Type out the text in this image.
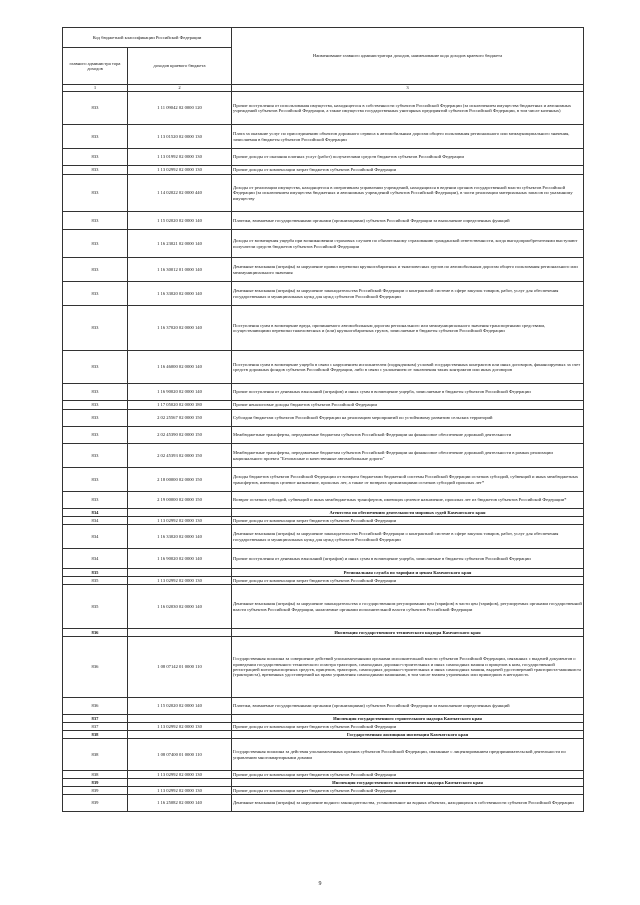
Код бюджетной классификации Российской Федерации		Наименование главного администратора доходов, наименование кода доходов краевого бюджета
главного администра тора доходов	доходов краевого бюджета	
1	2	3
833	1 11 09042 02 0000 120	Прочие поступления от использования имущества, находящегося в собственности субъектов Российской Федерации (за исключением имущества бюджетных и автономных учреждений субъектов Российской Федерации, а также имущества государственных унитарных предприятий субъектов Российской Федерации, в том числе казенных)
833	1 13 01520 02 0000 130	Плата за оказание услуг по присоединению объектов дорожного сервиса к автомобильным дорогам общего пользования регионального или межмуниципального значения, зачисляемая в бюджеты субъектов Российской Федерации
833	1 13 01992 02 0000 130	Прочие доходы от оказания платных услуг (работ) получателями средств бюджетов субъектов Российской Федерации
833	1 13 02992 02 0000 130	Прочие доходы от компенсации затрат бюджетов субъектов Российской Федерации
833	1 14 02022 02 0000 440	Доходы от реализации имущества, находящегося в оперативном управлении учреждений, находящихся в ведении органов государственной власти субъектов Российской Федерации (за исключением имущества бюджетных и автономных учреждений субъектов Российской Федерации), в части реализации материальных запасов по указанному имуществу
833	1 15 02020 02 0000 140	Платежи, взимаемые государственными органами (организациями) субъектов Российской Федерации за выполнение определенных функций
833	1 16 23021 02 0000 140	Доходы от возмещения ущерба при возникновении страховых случаев по обязательному страхованию гражданской ответственности, когда выгодоприобретателями выступают получатели средств бюджетов субъектов Российской Федерации
833	1 16 30012 01 0000 140	Денежные взыскания (штрафы) за нарушение правил перевозки крупногабаритных и тяжеловесных грузов по автомобильным дорогам общего пользования регионального или межмуниципального значения
833	1 16 33020 02 0000 140	Денежные взыскания (штрафы) за нарушение законодательства Российской Федерации о контрактной системе в сфере закупок товаров, работ, услуг для обеспечения государственных и муниципальных нужд для нужд субъектов Российской Федерации
833	1 16 37020 02 0000 140	Поступления сумм в возмещение вреда, причиняемого автомобильным дорогам регионального или межмуниципального значения транспортными средствами, осуществляющими перевозки тяжеловесных и (или) крупногабаритных грузов, зачисляемые в бюджеты субъектов Российской Федерации
833	1 16 46000 02 0000 140	Поступления сумм в возмещение ущерба в связи с нарушением исполнителем (подрядчиком) условий государственных контрактов или иных договоров, финансируемых за счет средств дорожных фондов субъектов Российской Федерации, либо в связи с уклонением от заключения таких контрактов или иных договоров
833	1 16 90020 02 0000 140	Прочие поступления от денежных взысканий (штрафов) и иных сумм в возмещение ущерба, зачисляемые в бюджеты субъектов Российской Федерации
833	1 17 05020 02 0000 180	Прочие неналоговые доходы бюджетов субъектов Российской Федерации
833	2 02 25567 02 0000 150	Субсидии бюджетам субъектов Российской Федерации на реализацию мероприятий по устойчивому развитию сельских территорий
833	2 02 45390 02 0000 150	Межбюджетные трансферты, передаваемые бюджетам субъектов Российской Федерации на финансовое обеспечение дорожной деятельности
833	2 02 45393 02 0000 150	Межбюджетные трансферты, передаваемые бюджетам субъектов Российской Федерации на финансовое обеспечение дорожной деятельности в рамках реализации национального проекта "Безопасные и качественные автомобильные дороги"
833	2 18 00000 02 0000 150	Доходы бюджетов субъектов Российской Федерации от возврата бюджетами бюджетной системы Российской Федерации остатков субсидий, субвенций и иных межбюджетных трансфертов, имеющих целевое назначение, прошлых лет, а также от возврата организациями остатков субсидий прошлых лет*
833	2 19 00000 02 0000 150	Возврат остатков субсидий, субвенций и иных межбюджетных трансфертов, имеющих целевое назначение, прошлых лет из бюджетов субъектов Российской Федерации*
834		Агентство по обеспечению деятельности мировых судей Камчатского края
834	1 13 02992 02 0000 130	Прочие доходы от компенсации затрат бюджетов субъектов Российской Федерации
834	1 16 33020 02 0000 140	Денежные взыскания (штрафы) за нарушение законодательства Российской Федерации о контрактной системе в сфере закупок товаров, работ, услуг для обеспечения государственных и муниципальных нужд для нужд субъектов Российской Федерации
834	1 16 90020 02 0000 140	Прочие поступления от денежных взысканий (штрафов) и иных сумм в возмещение ущерба, зачисляемые в бюджеты субъектов Российской Федерации
835		Региональная служба по тарифам и ценам Камчатского края
835	1 13 02992 02 0000 130	Прочие доходы от компенсации затрат бюджетов субъектов Российской Федерации
835	1 16 02030 02 0000 140	Денежные взыскания (штрафы) за нарушение законодательства о государственном регулировании цен (тарифов) в части цен (тарифов), регулируемых органами государственной власти субъектов Российской Федерации, налагаемые органами исполнительной власти субъектов Российской Федерации
836		Инспекция государственного технического надзора Камчатского края
836	1 08 07142 01 0000 110	Государственная пошлина за совершение действий уполномоченными органами исполнительной власти субъектов Российской Федерации, связанных с выдачей документов о проведении государственного технического осмотра тракторов, самоходных дорожно-строительных и иных самоходных машин и прицепов к ним, государственной регистрацией мототранспортных средств, прицепов, тракторов, самоходных дорожно-строительных и иных самоходных машин, выдачей удостоверений тракториста-машиниста (тракториста), временных удостоверений на право управления самоходными машинами, в том числе взамен утраченных или пришедших в негодность
836	1 15 02020 02 0000 140	Платежи, взимаемые государственными органами (организациями) субъектов Российской Федерации за выполнение определенных функций
837		Инспекция государственного строительного надзора Камчатского края
837	1 13 02992 02 0000 130	Прочие доходы от компенсации затрат бюджетов субъектов Российской Федерации
838		Государственная жилищная инспекция Камчатского края
838	1 08 07400 01 0000 110	Государственная пошлина за действия уполномоченных органов субъектов Российской Федерации, связанные с лицензированием предпринимательской деятельности по управлению многоквартирными домами
838	1 13 02992 02 0000 130	Прочие доходы от компенсации затрат бюджетов субъектов Российской Федерации
839		Инспекция государственного экологического надзора Камчатского края
839	1 13 02992 02 0000 130	Прочие доходы от компенсации затрат бюджетов субъектов Российской Федерации
839	1 16 25082 02 0000 140	Денежные взыскания (штрафы) за нарушение водного законодательства, установленное на водных объектах, находящихся в собственности субъектов Российской Федерации
9
